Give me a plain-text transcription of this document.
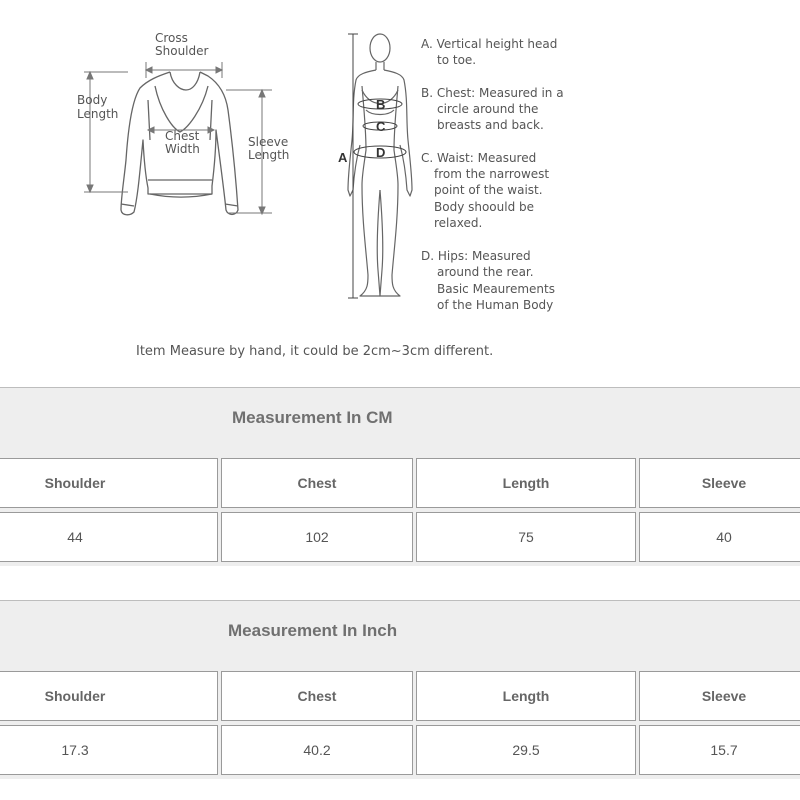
Cross
Shoulder
Body
Length
Chest
Width	Sleeve
Length
B
C
D
A
A. Vertical height head
to toe.
B. Chest: Measured in a
circle around the
breasts and back.
C. Waist: Measured
from the narrowest
point of the waist.
Body shoould be
relaxed.
D. Hips: Measured
around the rear.
Basic Meaurements
of the Human Body
Item Measure by hand, it could be 2cm~3cm different.
Measurement In CM
Shoulder	Chest	Length	Sleeve
44	102	75	40
Measurement In Inch
Shoulder	Chest	Length	Sleeve
17.3	40.2	29.5	15.7
